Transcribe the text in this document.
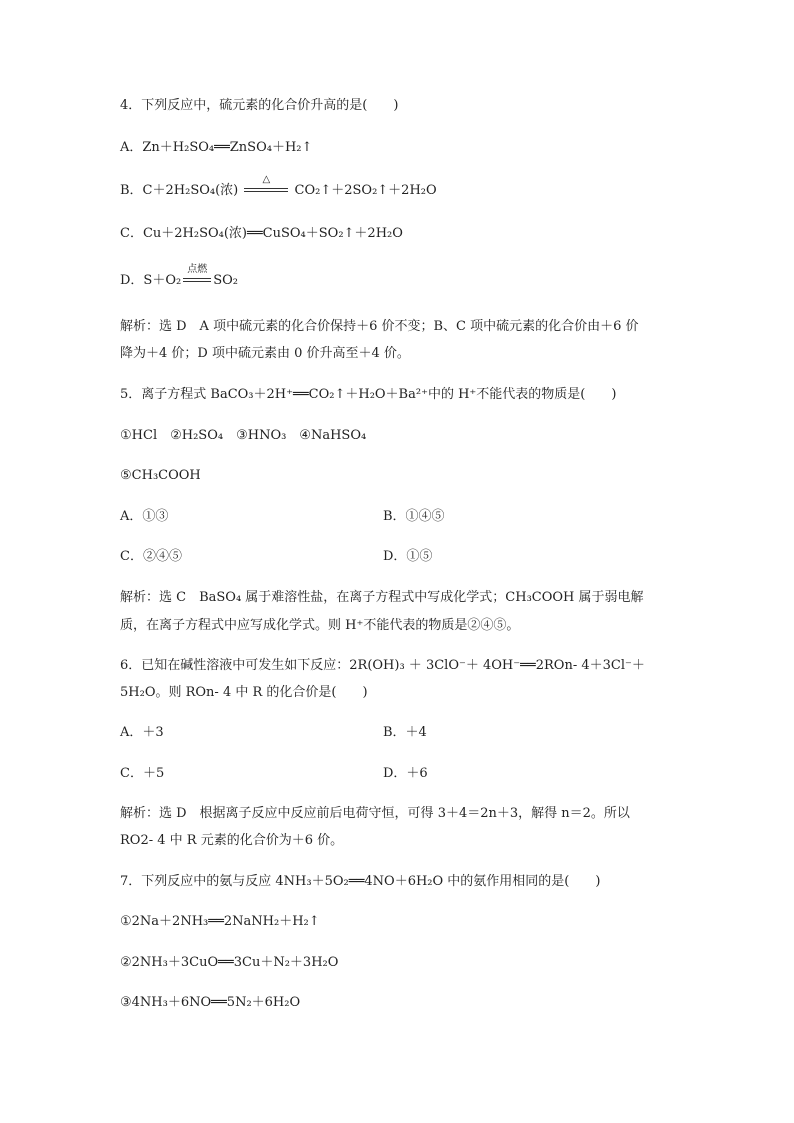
4．下列反应中，硫元素的化合价升高的是(　　)
A．Zn＋H₂SO₄══ZnSO₄＋H₂↑
B．C＋2H₂SO₄(浓)
△
CO₂↑＋2SO₂↑＋2H₂O
C．Cu＋2H₂SO₄(浓)══CuSO₄＋SO₂↑＋2H₂O
D．S＋O₂
点燃
SO₂
解析：选 D　A 项中硫元素的化合价保持＋6 价不变；B、C 项中硫元素的化合价由＋6 价
降为＋4 价；D 项中硫元素由 0 价升高至＋4 价。
5．离子方程式 BaCO₃＋2H⁺══CO₂↑＋H₂O＋Ba²⁺中的 H⁺不能代表的物质是(　　)
①HCl　②H₂SO₄　③HNO₃　④NaHSO₄
⑤CH₃COOH
A．①③	B．①④⑤
C．②④⑤	D．①⑤
解析：选 C　BaSO₄ 属于难溶性盐，在离子方程式中写成化学式；CH₃COOH 属于弱电解
质，在离子方程式中应写成化学式。则 H⁺不能代表的物质是②④⑤。
6．已知在碱性溶液中可发生如下反应：2R(OH)₃ ＋ 3ClO⁻＋ 4OH⁻══2ROn- 4＋3Cl⁻＋
5H₂O。则 ROn- 4 中 R 的化合价是(　　)
A．＋3	B．＋4
C．＋5	D．＋6
解析：选 D　根据离子反应中反应前后电荷守恒，可得 3＋4＝2n＋3，解得 n＝2。所以
RO2- 4 中 R 元素的化合价为＋6 价。
7．下列反应中的氨与反应 4NH₃＋5O₂══4NO＋6H₂O 中的氨作用相同的是(　　)
①2Na＋2NH₃══2NaNH₂＋H₂↑
②2NH₃＋3CuO══3Cu＋N₂＋3H₂O
③4NH₃＋6NO══5N₂＋6H₂O
